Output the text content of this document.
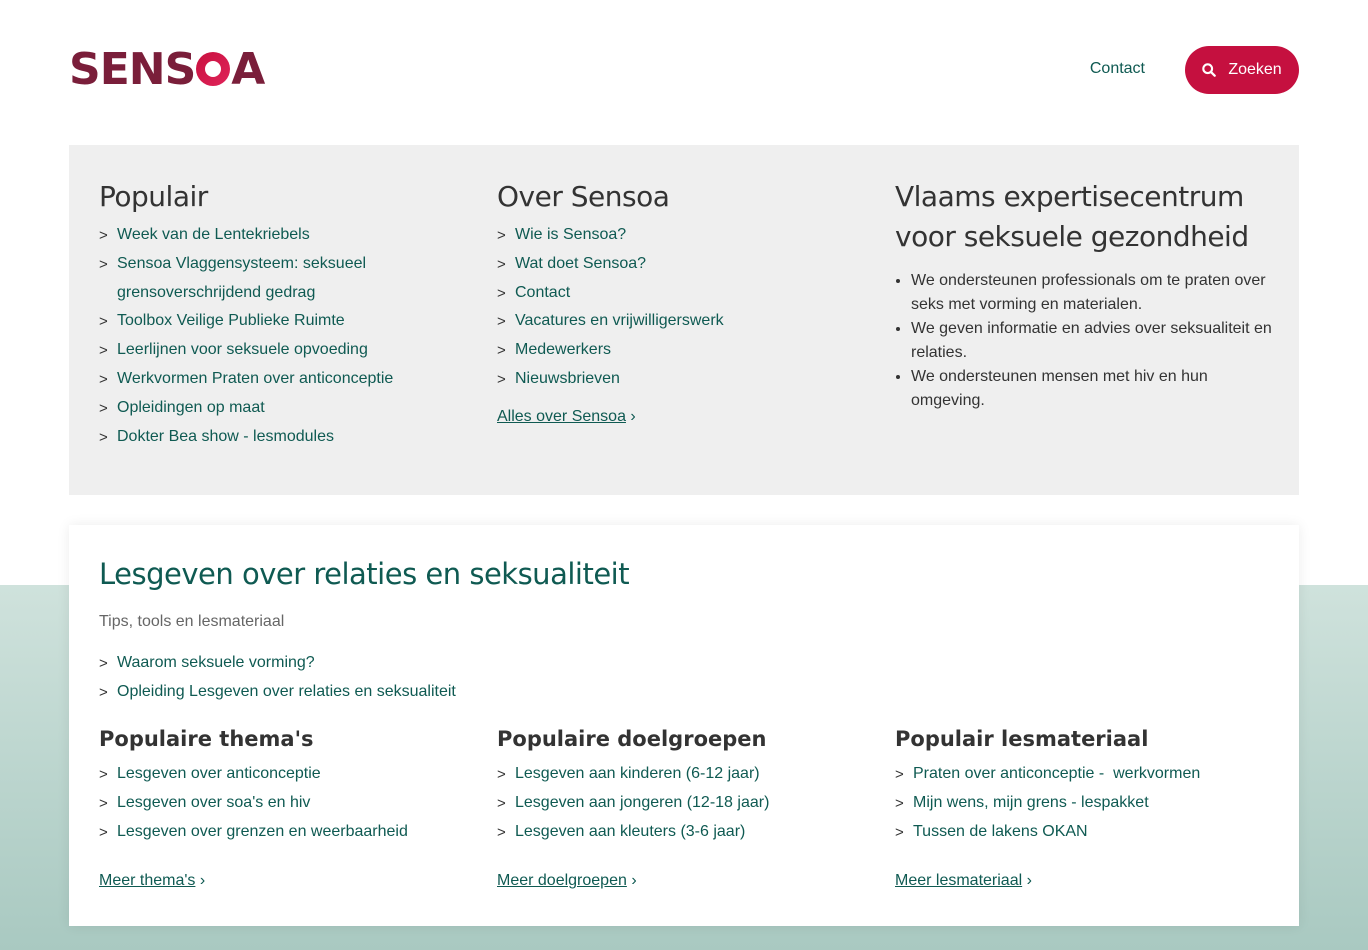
SENS A	Contact	Zoeken
Populair
> Week van de Lentekriebels
> Sensoa Vlaggensysteem: seksueel grensoverschrijdend gedrag
> Toolbox Veilige Publieke Ruimte
> Leerlijnen voor seksuele opvoeding
> Werkvormen Praten over anticonceptie
> Opleidingen op maat
> Dokter Bea show - lesmodules
Over Sensoa
> Wie is Sensoa?
> Wat doet Sensoa?
> Contact
> Vacatures en vrijwilligerswerk
> Medewerkers
> Nieuwsbrieven
Alles over Sensoa ›
Vlaams expertisecentrum voor seksuele gezondheid
• We ondersteunen professionals om te praten over seks met vorming en materialen.
• We geven informatie en advies over seksualiteit en relaties.
• We ondersteunen mensen met hiv en hun omgeving.
Lesgeven over relaties en seksualiteit
Tips, tools en lesmateriaal
> Waarom seksuele vorming?
> Opleiding Lesgeven over relaties en seksualiteit
Populaire thema's
> Lesgeven over anticonceptie
> Lesgeven over soa's en hiv
> Lesgeven over grenzen en weerbaarheid
Meer thema's ›
Populaire doelgroepen
> Lesgeven aan kinderen (6-12 jaar)
> Lesgeven aan jongeren (12-18 jaar)
> Lesgeven aan kleuters (3-6 jaar)
Meer doelgroepen ›
Populair lesmateriaal
> Praten over anticonceptie -  werkvormen
> Mijn wens, mijn grens - lespakket
> Tussen de lakens OKAN
Meer lesmateriaal ›
